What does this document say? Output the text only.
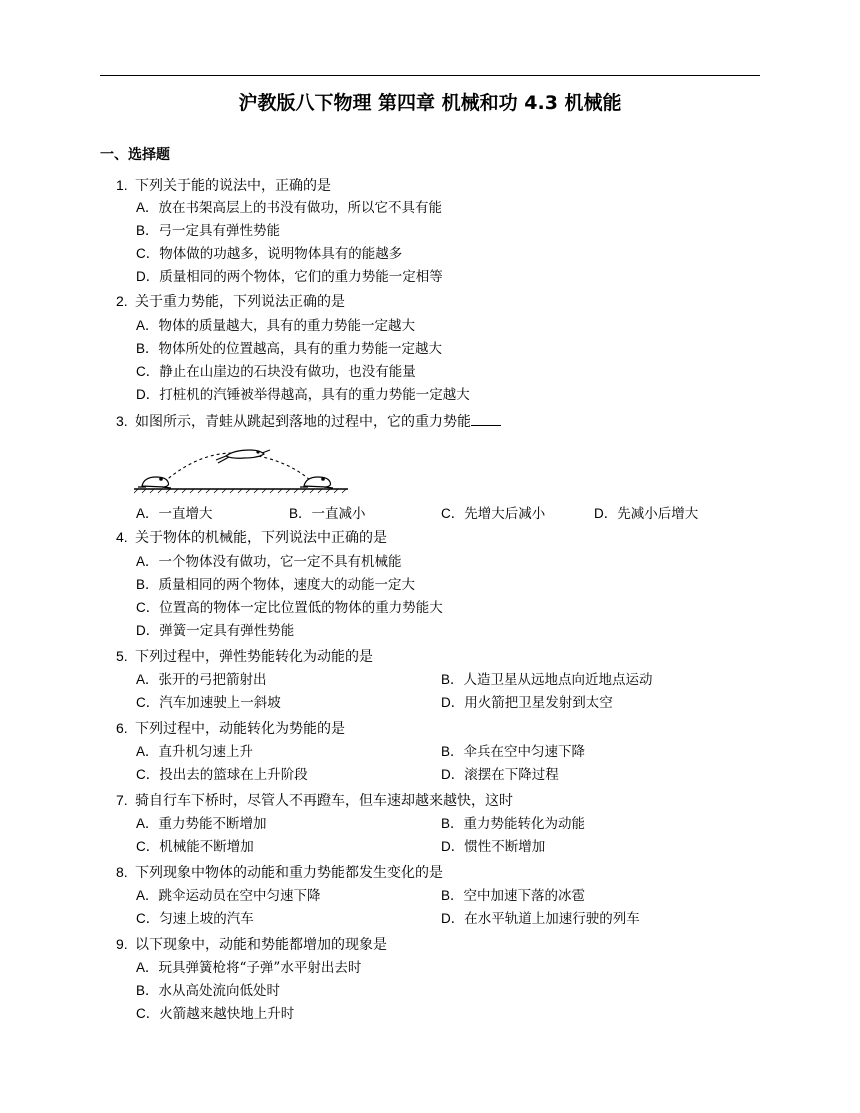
沪教版八下物理 第四章 机械和功 4.3 机械能
一、选择题
1. 下列关于能的说法中，正确的是
A．放在书架高层上的书没有做功，所以它不具有能
B．弓一定具有弹性势能
C．物体做的功越多，说明物体具有的能越多
D．质量相同的两个物体，它们的重力势能一定相等
2. 关于重力势能，下列说法正确的是
A．物体的质量越大，具有的重力势能一定越大
B．物体所处的位置越高，具有的重力势能一定越大
C．静止在山崖边的石块没有做功，也没有能量
D．打桩机的汽锤被举得越高，具有的重力势能一定越大
3. 如图所示，青蛙从跳起到落地的过程中，它的重力势能
A．一直增大	B．一直减小	C．先增大后减小	D．先减小后增大
4. 关于物体的机械能，下列说法中正确的是
A．一个物体没有做功，它一定不具有机械能
B．质量相同的两个物体，速度大的动能一定大
C．位置高的物体一定比位置低的物体的重力势能大
D．弹簧一定具有弹性势能
5. 下列过程中，弹性势能转化为动能的是
A．张开的弓把箭射出	B．人造卫星从远地点向近地点运动
C．汽车加速驶上一斜坡	D．用火箭把卫星发射到太空
6. 下列过程中，动能转化为势能的是
A．直升机匀速上升	B．伞兵在空中匀速下降
C．投出去的篮球在上升阶段	D．滚摆在下降过程
7. 骑自行车下桥时，尽管人不再蹬车，但车速却越来越快，这时
A．重力势能不断增加	B．重力势能转化为动能
C．机械能不断增加	D．惯性不断增加
8. 下列现象中物体的动能和重力势能都发生变化的是
A．跳伞运动员在空中匀速下降	B．空中加速下落的冰雹
C．匀速上坡的汽车	D．在水平轨道上加速行驶的列车
9. 以下现象中，动能和势能都增加的现象是
A．玩具弹簧枪将“子弹”水平射出去时
B．水从高处流向低处时
C．火箭越来越快地上升时
